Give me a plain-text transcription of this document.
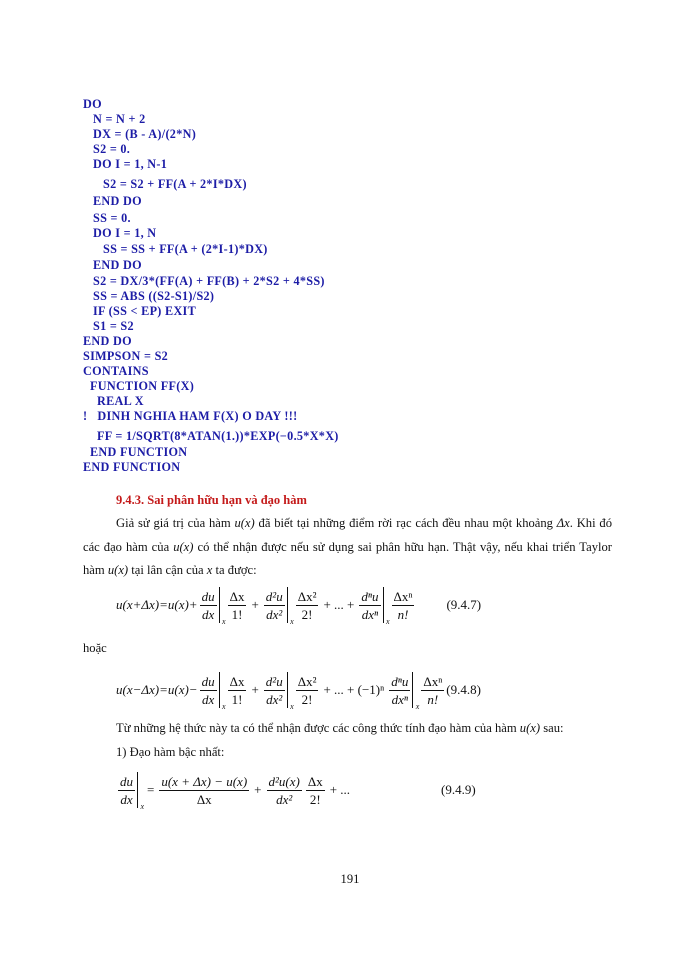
DO
N = N + 2
DX = (B - A)/(2*N)
S2 = 0.
DO I = 1, N-1
S2 = S2 + FF(A + 2*I*DX)
END DO
SS = 0.
DO I = 1, N
SS = SS + FF(A + (2*I-1)*DX)
END DO
S2 = DX/3*(FF(A) + FF(B) + 2*S2 + 4*SS)
SS = ABS ((S2-S1)/S2)
IF (SS < EP) EXIT
S1 = S2
END DO
SIMPSON = S2
CONTAINS
FUNCTION FF(X)
REAL X
!   DINH NGHIA HAM F(X) O DAY !!!
FF = 1/SQRT(8*ATAN(1.))*EXP(−0.5*X*X)
END FUNCTION
END FUNCTION
9.4.3. Sai phân hữu hạn và đạo hàm
Giả sử giá trị của hàm u(x) đã biết tại những điểm rời rạc cách đều nhau một khoảng Δx. Khi đó các đạo hàm của u(x) có thể nhận được nếu sử dụng sai phân hữu hạn. Thật vậy, nếu khai triển Taylor hàm u(x) tại lân cận của x ta được:
$u(x+\Delta x)=u(x)+ \frac{du}{dx}$ x $\frac{\Delta x}{1!} + \frac{\text{d²u}}{\text{dx²}}$ x $\frac{\text{Δx²}}{2!}$ + ... + $\frac{\text{dⁿu}}{\text{dxⁿ}}$ x $\frac{\text{Δxⁿ}}{n!} (9.4.7)$
hoặc
$u(x-\Delta x)=u(x)- \frac{du}{dx}$ x $\frac{\Delta x}{1!} + \frac{\text{d²u}}{\text{dx²}}$ x $\frac{\text{Δx²}}{2!}$ + ... + $(-1)^n \frac{\text{dⁿu}}{\text{dxⁿ}}$ x $\frac{\text{Δxⁿ}}{n!} (9.4.8)$
Từ những hệ thức này ta có thể nhận được các công thức tính đạo hàm của hàm u(x) sau:
1) Đạo hàm bậc nhất:
$\frac{du}{dx}$ x
= $\frac{u(x + \Delta x) - u(x)}{\Delta x} + \frac{\text{d²u(x)}}{\text{dx²}} \frac{\Delta x}{2!}$ + ...	(9.4.9)
191
